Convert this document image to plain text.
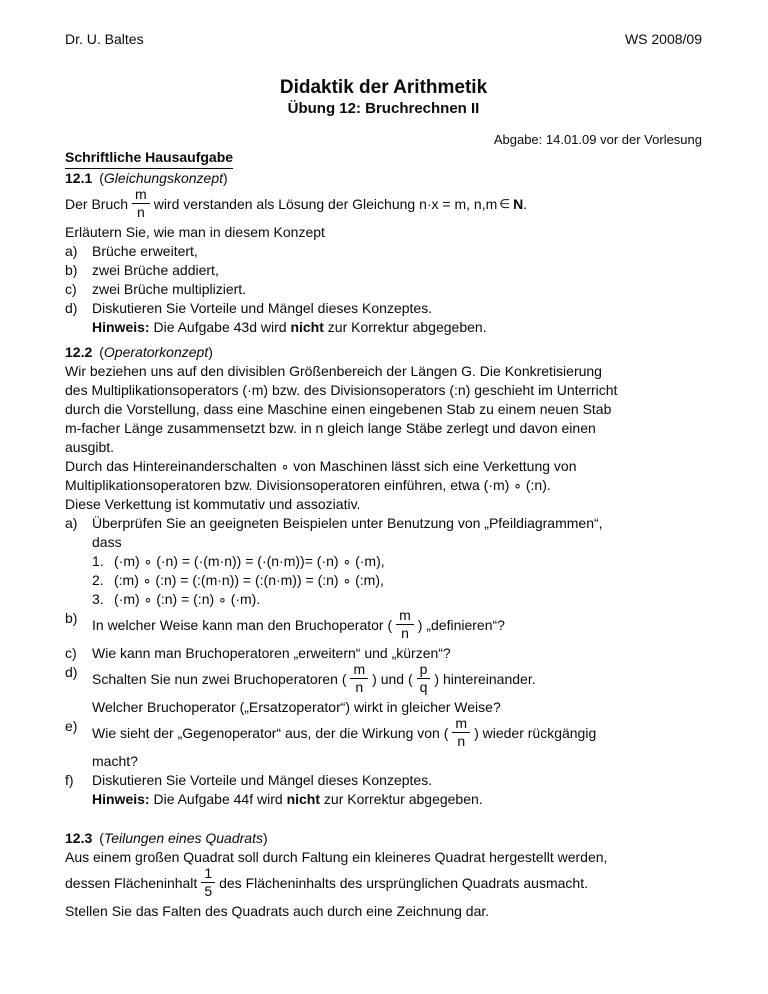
Dr. U. Baltes	WS 2008/09
Didaktik der Arithmetik
Übung 12: Bruchrechnen II
Abgabe: 14.01.09 vor der Vorlesung
Schriftliche Hausaufgabe
12.1 (Gleichungskonzept)
Der Bruch $\frac{m}{n}$ wird verstanden als Lösung der Gleichung n·x = m, n,m ∈ N.
Erläutern Sie, wie man in diesem Konzept
a)	Brüche erweitert,
b)	zwei Brüche addiert,
c)	zwei Brüche multipliziert.
d)	Diskutieren Sie Vorteile und Mängel dieses Konzeptes.
Hinweis: Die Aufgabe 43d wird nicht zur Korrektur abgegeben.
12.2 (Operatorkonzept)
Wir beziehen uns auf den divisiblen Größenbereich der Längen G. Die Konkretisierung
des Multiplikationsoperators (·m) bzw. des Divisionsoperators (:n) geschieht im Unterricht
durch die Vorstellung, dass eine Maschine einen eingebenen Stab zu einem neuen Stab
m-facher Länge zusammensetzt bzw. in n gleich lange Stäbe zerlegt und davon einen
ausgibt.
Durch das Hintereinanderschalten ∘ von Maschinen lässt sich eine Verkettung von
Multiplikationsoperatoren bzw. Divisionsoperatoren einführen, etwa (·m) ∘ (:n).
Diese Verkettung ist kommutativ und assoziativ.
a)	Überprüfen Sie an geeigneten Beispielen unter Benutzung von „Pfeildiagrammen“,
dass
1. (·m) ∘ (·n) = (·(m·n)) = (·(n·m))= (·n) ∘ (·m),
2. (:m) ∘ (:n) = (:(m·n)) = (:(n·m)) = (:n) ∘ (:m),
3. (·m) ∘ (:n) = (:n) ∘ (·m).
b)	In welcher Weise kann man den Bruchoperator ( $\frac{m}{n}$ ) „definieren“?
c)	Wie kann man Bruchoperatoren „erweitern“ und „kürzen“?
d)	Schalten Sie nun zwei Bruchoperatoren ( $\frac{m}{n}$ ) und ( $\frac{p}{q}$ ) hintereinander.
Welcher Bruchoperator („Ersatzoperator“) wirkt in gleicher Weise?
e)	Wie sieht der „Gegenoperator“ aus, der die Wirkung von ( $\frac{m}{n}$ ) wieder rückgängig
macht?
f)	Diskutieren Sie Vorteile und Mängel dieses Konzeptes.
Hinweis: Die Aufgabe 44f wird nicht zur Korrektur abgegeben.
12.3 (Teilungen eines Quadrats)
Aus einem großen Quadrat soll durch Faltung ein kleineres Quadrat hergestellt werden,
dessen Flächeninhalt $\frac{1}{5}$ des Flächeninhalts des ursprünglichen Quadrats ausmacht.
Stellen Sie das Falten des Quadrats auch durch eine Zeichnung dar.
